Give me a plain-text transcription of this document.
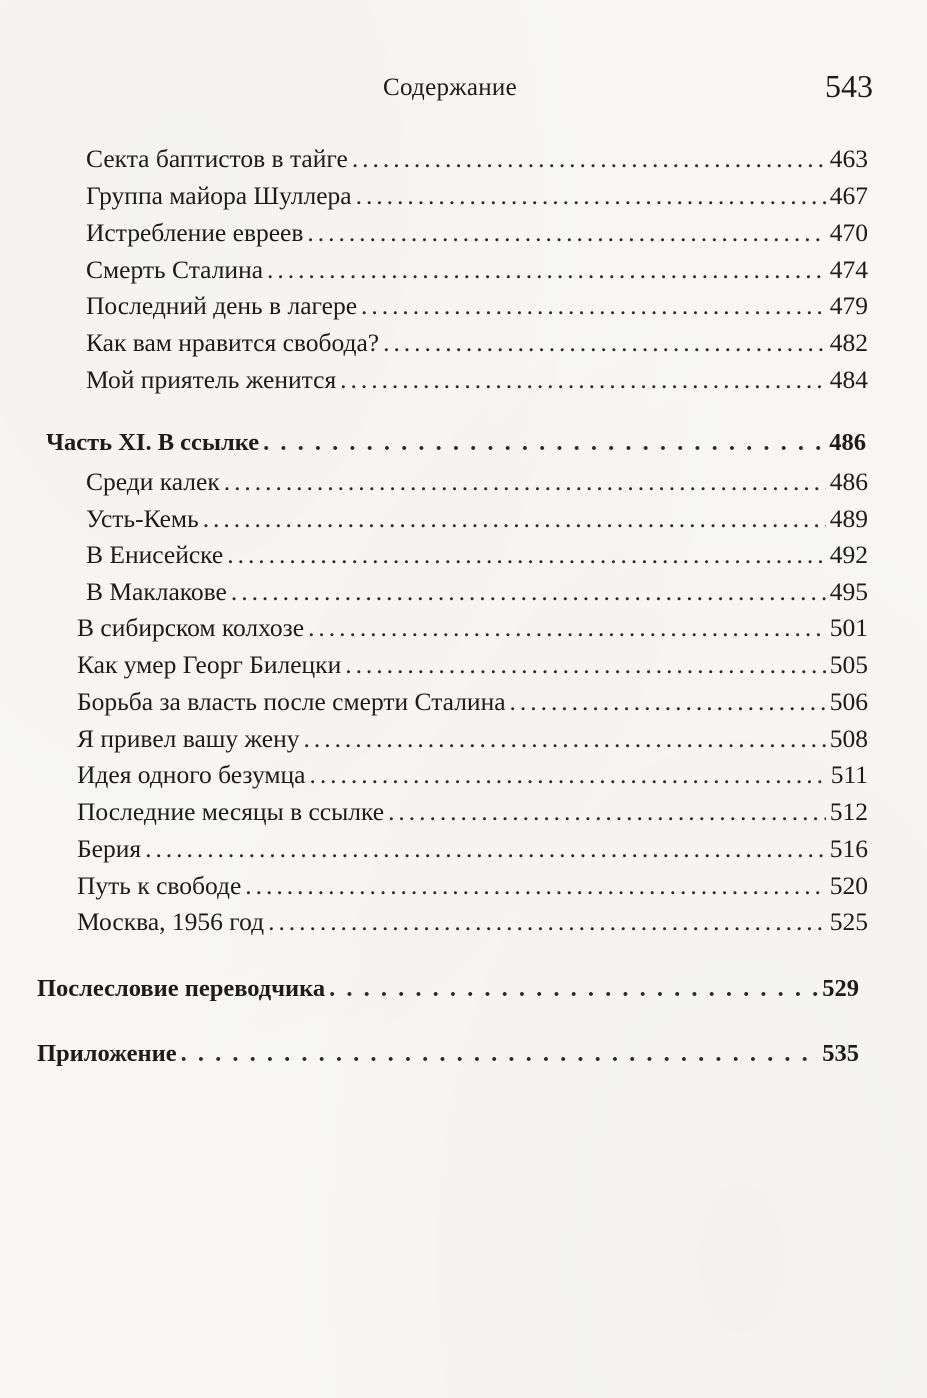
Содержание	543
Секта баптистов в тайге . . .	463
Группа майора Шуллера . . .	467
Истребление евреев . . .	470
Смерть Сталина . . .	474
Последний день в лагере . . .	479
Как вам нравится свобода? . . .	482
Мой приятель женится . . .	484
Часть XI. В ссылке . . .	486
Среди калек . . .	486
Усть-Кемь . . .	489
В Енисейске . . .	492
В Маклакове . . .	495
В сибирском колхозе . . .	501
Как умер Георг Билецки . . .	505
Борьба за власть после смерти Сталина . . .	506
Я привел вашу жену . . .	508
Идея одного безумца . . .	511
Последние месяцы в ссылке . . .	512
Берия . . .	516
Путь к свободе . . .	520
Москва, 1956 год . . .	525
Послесловие переводчика . . .	529
Приложение . . .	535
